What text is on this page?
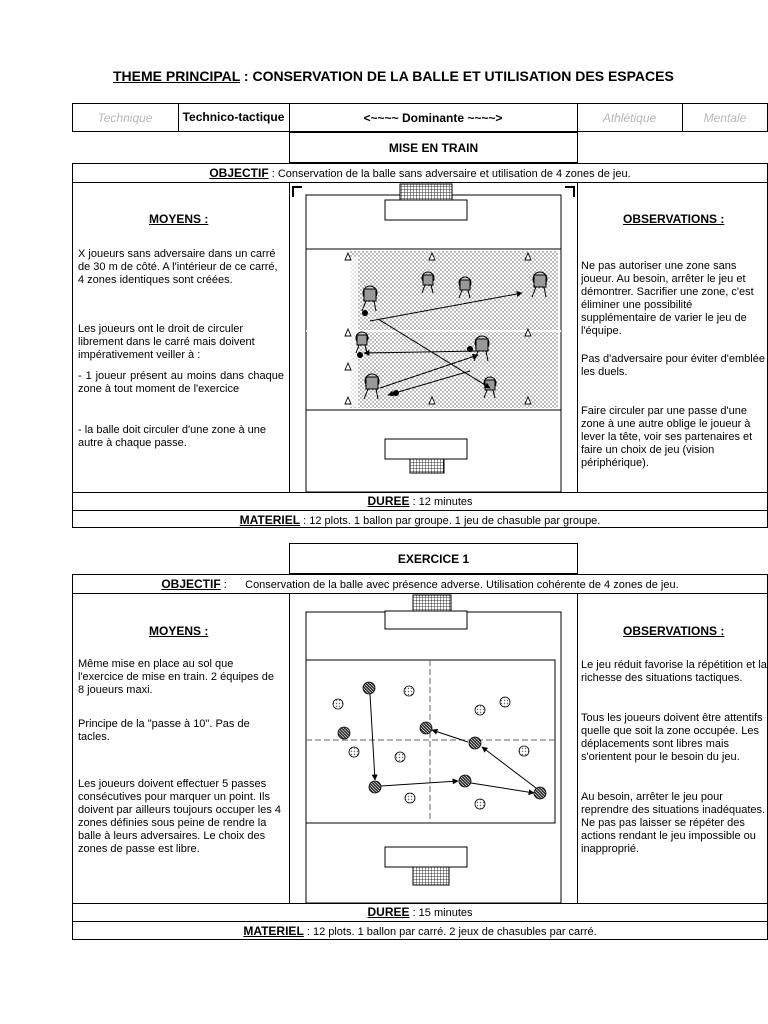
THEME PRINCIPAL : CONSERVATION DE LA BALLE ET UTILISATION DES ESPACES
Technique	Technico-tactique	<~~~~ Dominante ~~~~>	Athlétique	Mentale
MISE EN TRAIN
OBJECTIF : Conservation de la balle sans adversaire et utilisation de 4 zones de jeu.
MOYENS :
X joueurs sans adversaire dans un carré de 30 m de côté. A l'intérieur de ce carré, 4 zones identiques sont créées.
Les joueurs ont le droit de circuler librement dans le carré mais doivent impérativement veiller à :
- 1 joueur présent au moins dans chaque zone à tout moment de l'exercice
- la balle doit circuler d'une zone à une autre à chaque passe.
OBSERVATIONS :
Ne pas autoriser une zone sans joueur. Au besoin, arrêter le jeu et démontrer. Sacrifier une zone, c'est éliminer une possibilité supplémentaire de varier le jeu de l'équipe.
Pas d'adversaire pour éviter d'emblée les duels.
Faire circuler par une passe d'une zone à une autre oblige le joueur à lever la tête, voir ses partenaires et faire un choix de jeu (vision périphérique).
DUREE : 12 minutes
MATERIEL : 12 plots. 1 ballon par groupe. 1 jeu de chasuble par groupe.
EXERCICE 1
OBJECTIF :      Conservation de la balle avec présence adverse. Utilisation cohérente de 4 zones de jeu.
MOYENS :
Même mise en place au sol que l'exercice de mise en train. 2 équipes de 8 joueurs maxi.
Principe de la "passe à 10". Pas de tacles.
Les joueurs doivent effectuer 5 passes consécutives pour marquer un point. Ils doivent par ailleurs toujours occuper les 4 zones définies sous peine de rendre la balle à leurs adversaires. Le choix des zones de passe est libre.
OBSERVATIONS :
Le jeu réduit favorise la répétition et la richesse des situations tactiques.
Tous les joueurs doivent être attentifs quelle que soit la zone occupée. Les déplacements sont libres mais s'orientent pour le besoin du jeu.
Au besoin, arrêter le jeu pour reprendre des situations inadéquates. Ne pas pas laisser se répéter des actions rendant le jeu impossible ou inapproprié.
DUREE : 15 minutes
MATERIEL : 12 plots. 1 ballon par carré. 2 jeux de chasubles par carré.
